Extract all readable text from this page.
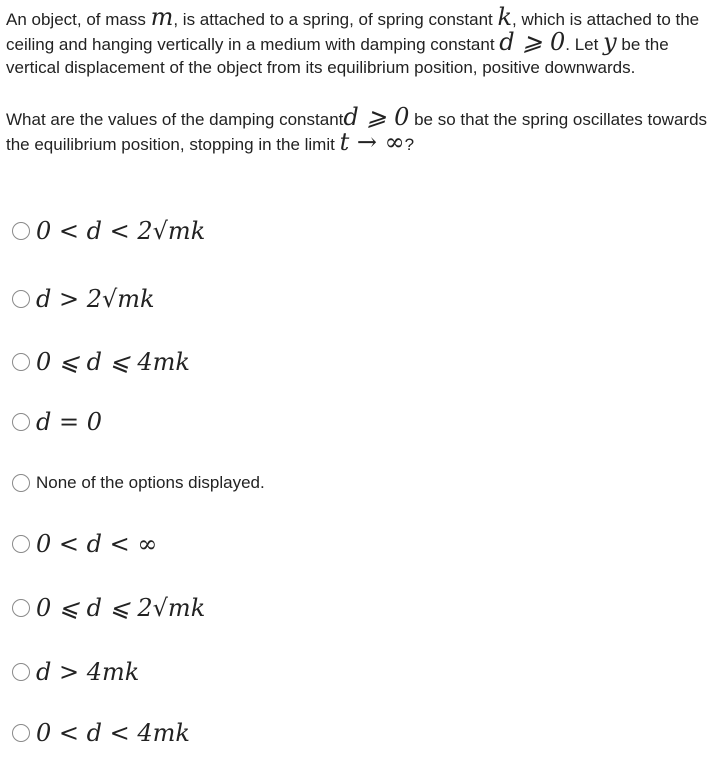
An object, of mass m, is attached to a spring, of spring constant k, which is attached to the ceiling and hanging vertically in a medium with damping constant d ⩾ 0. Let y be the vertical displacement of the object from its equilibrium position, positive downwards.

What are the values of the damping constantd ⩾ 0 be so that the spring oscillates towards the equilibrium position, stopping in the limit t → ∞?

0 < d < 2√mk
d > 2√mk
0 ⩽ d ⩽ 4mk
d = 0
None of the options displayed.
0 < d < ∞
0 ⩽ d ⩽ 2√mk
d > 4mk
0 < d < 4mk
